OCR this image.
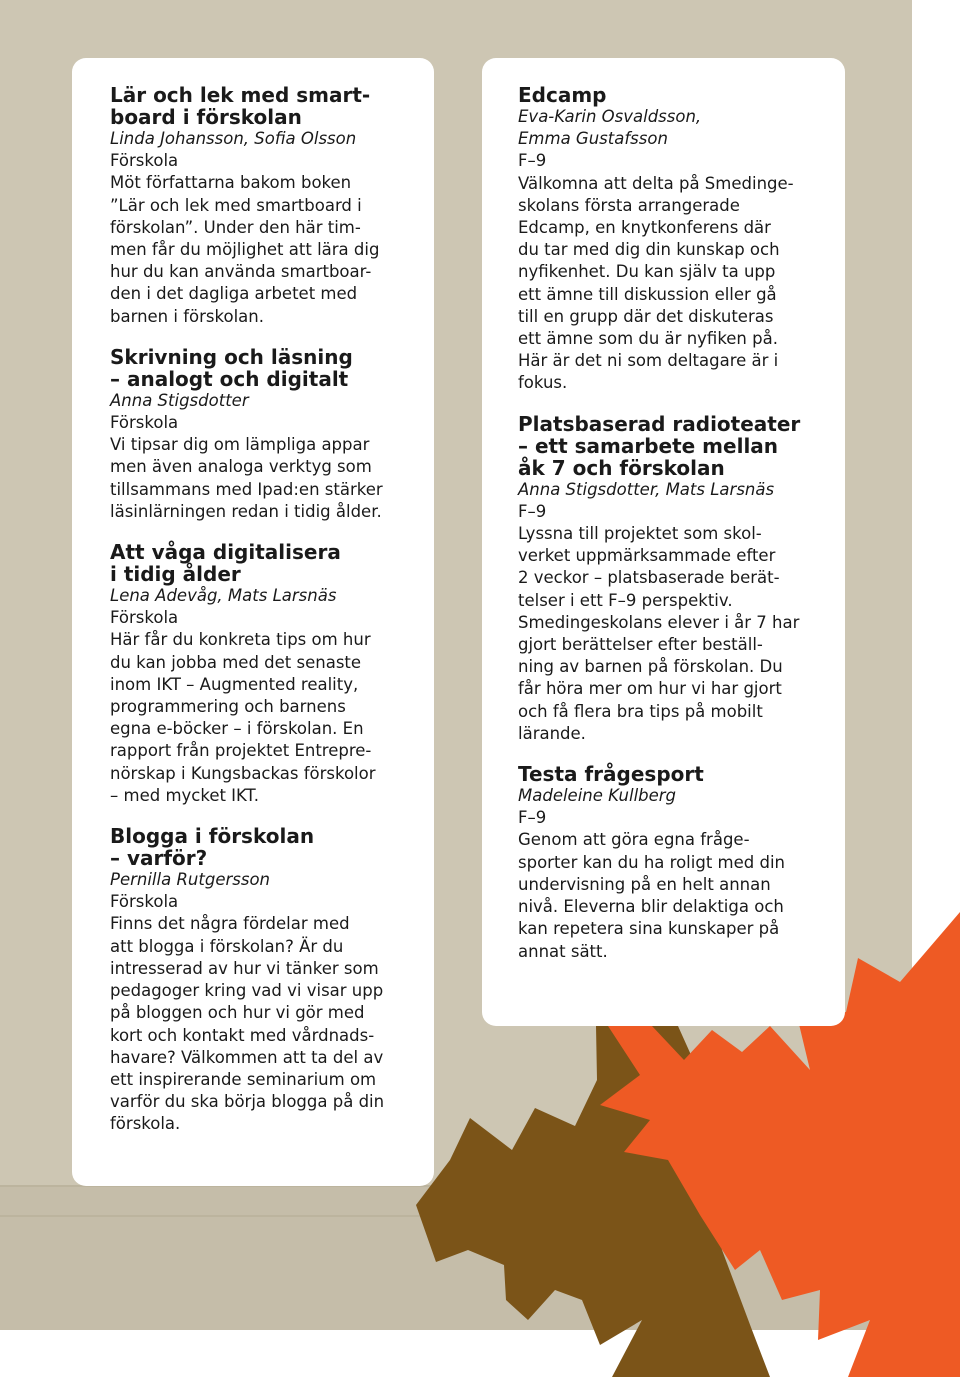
Lär och lek med smart-
board i förskolan
Linda Johansson, Sofia Olsson
Förskola
Möt författarna bakom boken
”Lär och lek med smartboard i
förskolan”. Under den här tim-
men får du möjlighet att lära dig
hur du kan använda smartboar-
den i det dagliga arbetet med
barnen i förskolan.
Skrivning och läsning
– analogt och digitalt
Anna Stigsdotter
Förskola
Vi tipsar dig om lämpliga appar
men även analoga verktyg som
tillsammans med Ipad:en stärker
läsinlärningen redan i tidig ålder.
Att våga digitalisera
i tidig ålder
Lena Adevåg, Mats Larsnäs
Förskola
Här får du konkreta tips om hur
du kan jobba med det senaste
inom IKT – Augmented reality,
programmering och barnens
egna e-böcker – i förskolan. En
rapport från projektet Entrepre-
nörskap i Kungsbackas förskolor
– med mycket IKT.
Blogga i förskolan
– varför?
Pernilla Rutgersson
Förskola
Finns det några fördelar med
att blogga i förskolan? Är du
intresserad av hur vi tänker som
pedagoger kring vad vi visar upp
på bloggen och hur vi gör med
kort och kontakt med vårdnads-
havare? Välkommen att ta del av
ett inspirerande seminarium om
varför du ska börja blogga på din
förskola.
Edcamp
Eva-Karin Osvaldsson,
Emma Gustafsson
F–9
Välkomna att delta på Smedinge-
skolans första arrangerade
Edcamp, en knytkonferens där
du tar med dig din kunskap och
nyfikenhet. Du kan själv ta upp
ett ämne till diskussion eller gå
till en grupp där det diskuteras
ett ämne som du är nyfiken på.
Här är det ni som deltagare är i
fokus.
Platsbaserad radioteater
– ett samarbete mellan
åk 7 och förskolan
Anna Stigsdotter, Mats Larsnäs
F–9
Lyssna till projektet som skol-
verket uppmärksammade efter
2 veckor – platsbaserade berät-
telser i ett F–9 perspektiv.
Smedingeskolans elever i år 7 har
gjort berättelser efter beställ-
ning av barnen på förskolan. Du
får höra mer om hur vi har gjort
och få flera bra tips på mobilt
lärande.
Testa frågesport
Madeleine Kullberg
F–9
Genom att göra egna fråge-
sporter kan du ha roligt med din
undervisning på en helt annan
nivå. Eleverna blir delaktiga och
kan repetera sina kunskaper på
annat sätt.
